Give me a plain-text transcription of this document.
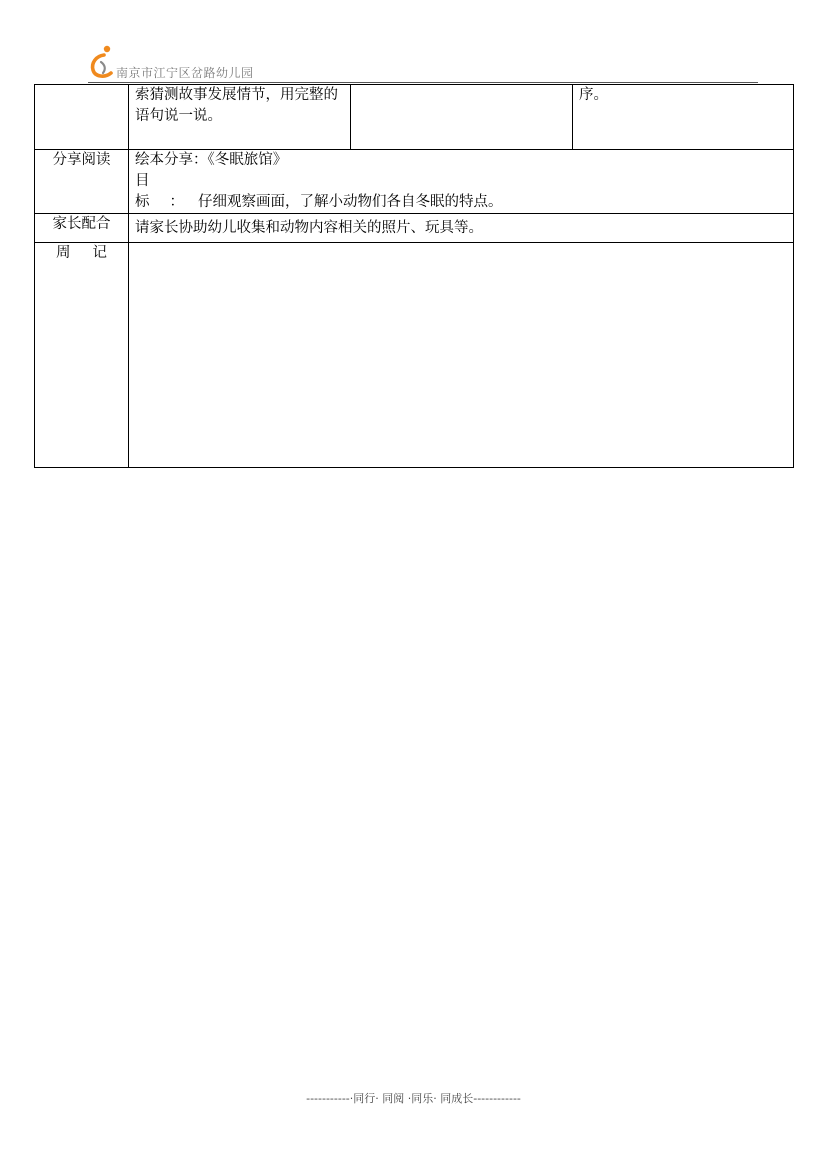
南京市江宁区岔路幼儿园
	索猜测故事发展情节，用完整的语句说一说。		序。
分享阅读	绘本分享：《冬眠旅馆》
目标：仔细观察画面，了解小动物们各自冬眠的特点。		

家长配合	请家长协助幼儿收集和动物内容相关的照片、玩具等。		
周记			
-----------·同行· 同阅 ·同乐· 同成长------------
